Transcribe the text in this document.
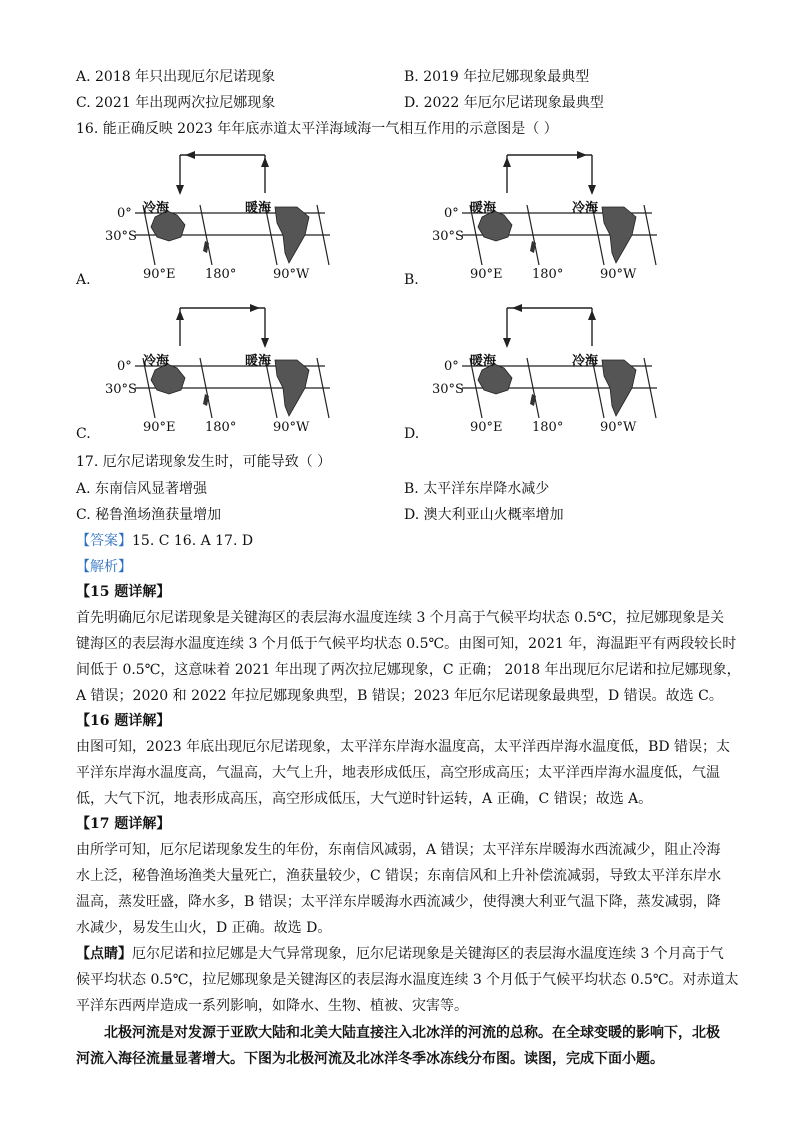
A. 2018 年只出现厄尔尼诺现象	B. 2019 年拉尼娜现象最典型
C. 2021 年出现两次拉尼娜现象	D. 2022 年厄尔尼诺现象最典型
16. 能正确反映 2023 年年底赤道太平洋海域海一气相互作用的示意图是（ ）
冷海	暖海
0°
30°S
90°E 180°	90°W
A.
暖海	冷海
0°
30°S
90°E 180°	90°W
B.
冷海	暖海
0°
30°S
90°E 180°	90°W
C.
暖海	冷海
0°
30°S
90°E 180°	90°W
D.
17. 厄尔尼诺现象发生时，可能导致（ ）
A. 东南信风显著增强	B. 太平洋东岸降水减少
C. 秘鲁渔场渔获量增加	D. 澳大利亚山火概率增加
【答案】15. C 16. A 17. D
【解析】
【15 题详解】
首先明确厄尔尼诺现象是关键海区的表层海水温度连续 3 个月高于气候平均状态 0.5℃，拉尼娜现象是关
键海区的表层海水温度连续 3 个月低于气候平均状态 0.5℃。由图可知，2021 年，海温距平有两段较长时
间低于 0.5℃，这意味着 2021 年出现了两次拉尼娜现象，C 正确； 2018 年出现厄尔尼诺和拉尼娜现象，
A 错误；2020 和 2022 年拉尼娜现象典型，B 错误；2023 年厄尔尼诺现象最典型，D 错误。故选 C。
【16 题详解】
由图可知，2023 年底出现厄尔尼诺现象，太平洋东岸海水温度高，太平洋西岸海水温度低，BD 错误；太
平洋东岸海水温度高，气温高，大气上升，地表形成低压，高空形成高压；太平洋西岸海水温度低，气温
低，大气下沉，地表形成高压，高空形成低压，大气逆时针运转，A 正确，C 错误；故选 A。
【17 题详解】
由所学可知，厄尔尼诺现象发生的年份，东南信风减弱，A 错误；太平洋东岸暖海水西流减少，阻止冷海
水上泛，秘鲁渔场渔类大量死亡，渔获量较少，C 错误；东南信风和上升补偿流减弱，导致太平洋东岸水
温高，蒸发旺盛，降水多，B 错误；太平洋东岸暖海水西流减少，使得澳大利亚气温下降，蒸发减弱，降
水减少，易发生山火，D 正确。故选 D。
【点睛】厄尔尼诺和拉尼娜是大气异常现象，厄尔尼诺现象是关键海区的表层海水温度连续 3 个月高于气
候平均状态 0.5℃，拉尼娜现象是关键海区的表层海水温度连续 3 个月低于气候平均状态 0.5℃。对赤道太
平洋东西两岸造成一系列影响，如降水、生物、植被、灾害等。
北极河流是对发源于亚欧大陆和北美大陆直接注入北冰洋的河流的总称。在全球变暖的影响下，北极
河流入海径流量显著增大。下图为北极河流及北冰洋冬季冰冻线分布图。读图，完成下面小题。
